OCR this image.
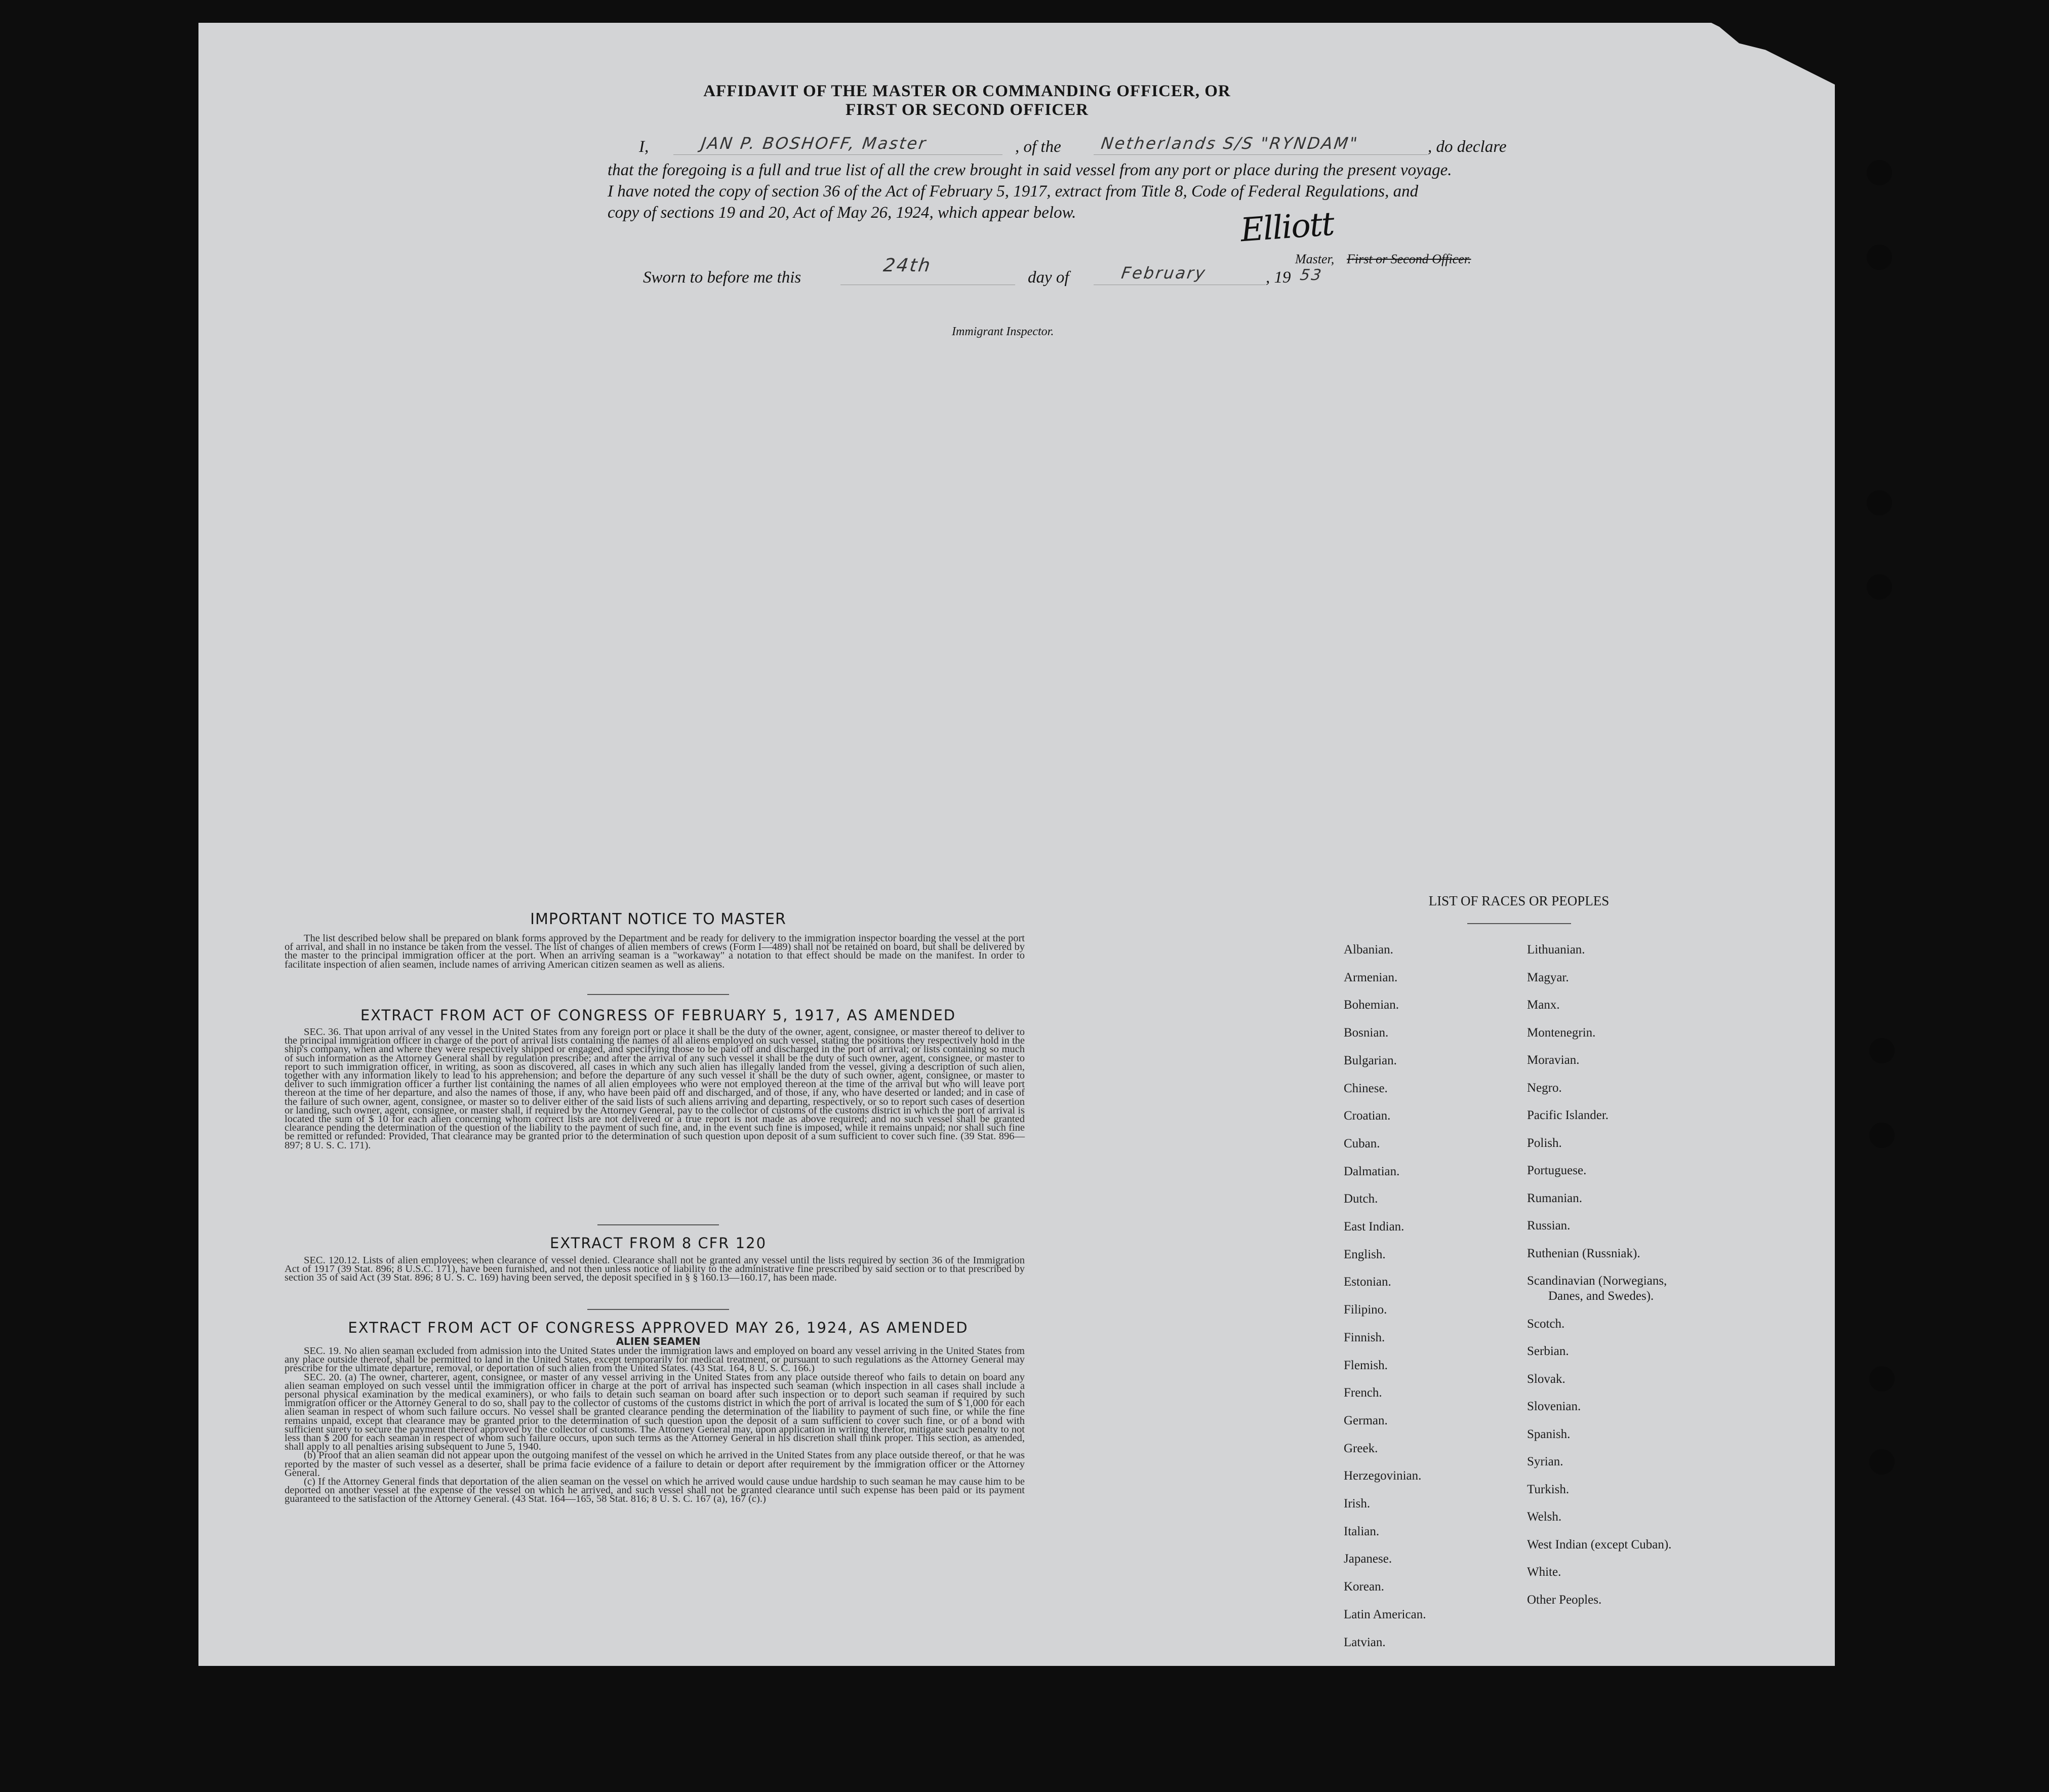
AFFIDAVIT OF THE MASTER OR COMMANDING OFFICER, OR FIRST OR SECOND OFFICER
I,	JAN P. BOSHOFF, Master	, of the Netherlands S/S "RYNDAM"	, do declare
that the foregoing is a full and true list of all the crew brought in said vessel from any port or place during the present voyage.
I have noted the copy of section 36 of the Act of February 5, 1917, extract from Title 8, Code of Federal Regulations, and
copy of sections 19 and 20, Act of May 26, 1924, which appear below.	Elliott
Sworn to before me this
24th
day of	February	, 19 53
Master, First or Second Officer.
Immigrant Inspector.
IMPORTANT NOTICE TO MASTER

The list described below shall be prepared on blank forms approved by the Department and be ready for delivery to the immigration inspector boarding the vessel at the port of arrival, and shall in no instance be taken from the vessel. The list of changes of alien members of crews (Form I—489) shall not be retained on board, but shall be delivered by the master to the principal immigration officer at the port. When an arriving seaman is a "workaway" a notation to that effect should be made on the manifest. In order to facilitate inspection of alien seamen, include names of arriving American citizen seamen as well as aliens.

EXTRACT FROM ACT OF CONGRESS OF FEBRUARY 5, 1917, AS AMENDED

SEC. 36. That upon arrival of any vessel in the United States from any foreign port or place it shall be the duty of the owner, agent, consignee, or master thereof to deliver to the principal immigration officer in charge of the port of arrival lists containing the names of all aliens employed on such vessel, stating the positions they respectively hold in the ship's company, when and where they were respectively shipped or engaged, and specifying those to be paid off and discharged in the port of arrival; or lists containing so much of such information as the Attorney General shall by regulation prescribe; and after the arrival of any such vessel it shall be the duty of such owner, agent, consignee, or master to report to such immigration officer, in writing, as soon as discovered, all cases in which any such alien has illegally landed from the vessel, giving a description of such alien, together with any information likely to lead to his apprehension; and before the departure of any such vessel it shall be the duty of such owner, agent, consignee, or master to deliver to such immigration officer a further list containing the names of all alien employees who were not employed thereon at the time of the arrival but who will leave port thereon at the time of her departure, and also the names of those, if any, who have been paid off and discharged, and of those, if any, who have deserted or landed; and in case of the failure of such owner, agent, consignee, or master so to deliver either of the said lists of such aliens arriving and departing, respectively, or so to report such cases of desertion or landing, such owner, agent, consignee, or master shall, if required by the Attorney General, pay to the collector of customs of the customs district in which the port of arrival is located the sum of $ 10 for each alien concerning whom correct lists are not delivered or a true report is not made as above required; and no such vessel shall be granted clearance pending the determination of the question of the liability to the payment of such fine, and, in the event such fine is imposed, while it remains unpaid; nor shall such fine be remitted or refunded: Provided, That clearance may be granted prior to the determination of such question upon deposit of a sum sufficient to cover such fine. (39 Stat. 896—897; 8 U. S. C. 171).

EXTRACT FROM 8 CFR 120

SEC. 120.12. Lists of alien employees; when clearance of vessel denied. Clearance shall not be granted any vessel until the lists required by section 36 of the Immigration Act of 1917 (39 Stat. 896; 8 U.S.C. 171), have been furnished, and not then unless notice of liability to the administrative fine prescribed by said section or to that prescribed by section 35 of said Act (39 Stat. 896; 8 U. S. C. 169) having been served, the deposit specified in § § 160.13—160.17, has been made.

EXTRACT FROM ACT OF CONGRESS APPROVED MAY 26, 1924, AS AMENDED
ALIEN SEAMEN

SEC. 19. No alien seaman excluded from admission into the United States under the immigration laws and employed on board any vessel arriving in the United States from any place outside thereof, shall be permitted to land in the United States, except temporarily for medical treatment, or pursuant to such regulations as the Attorney General may prescribe for the ultimate departure, removal, or deportation of such alien from the United States. (43 Stat. 164, 8 U. S. C. 166.)

SEC. 20. (a) The owner, charterer, agent, consignee, or master of any vessel arriving in the United States from any place outside thereof who fails to detain on board any alien seaman employed on such vessel until the immigration officer in charge at the port of arrival has inspected such seaman (which inspection in all cases shall include a personal physical examination by the medical examiners), or who fails to detain such seaman on board after such inspection or to deport such seaman if required by such immigration officer or the Attorney General to do so, shall pay to the collector of customs of the customs district in which the port of arrival is located the sum of $ 1,000 for each alien seaman in respect of whom such failure occurs. No vessel shall be granted clearance pending the determination of the liability to payment of such fine, or while the fine remains unpaid, except that clearance may be granted prior to the determination of such question upon the deposit of a sum sufficient to cover such fine, or of a bond with sufficient surety to secure the payment thereof approved by the collector of customs. The Attorney General may, upon application in writing therefor, mitigate such penalty to not less than $ 200 for each seaman in respect of whom such failure occurs, upon such terms as the Attorney General in his discretion shall think proper. This section, as amended, shall apply to all penalties arising subsequent to June 5, 1940.

(b) Proof that an alien seaman did not appear upon the outgoing manifest of the vessel on which he arrived in the United States from any place outside thereof, or that he was reported by the master of such vessel as a deserter, shall be prima facie evidence of a failure to detain or deport after requirement by the immigration officer or the Attorney General.

(c) If the Attorney General finds that deportation of the alien seaman on the vessel on which he arrived would cause undue hardship to such seaman he may cause him to be deported on another vessel at the expense of the vessel on which he arrived, and such vessel shall not be granted clearance until such expense has been paid or its payment guaranteed to the satisfaction of the Attorney General. (43 Stat. 164—165, 58 Stat. 816; 8 U. S. C. 167 (a), 167 (c).)

LIST OF RACES OR PEOPLES
Albanian.
Armenian.
Bohemian.
Bosnian.
Bulgarian.
Chinese.
Croatian.
Cuban.
Dalmatian.
Dutch.
East Indian.
English.
Estonian.
Filipino.
Finnish.
Flemish.
French.
German.
Greek.
Herzegovinian.
Irish.
Italian.
Japanese.
Korean.
Latin American.
Latvian.
Lithuanian.
Magyar.
Manx.
Montenegrin.
Moravian.
Negro.
Pacific Islander.
Polish.
Portuguese.
Rumanian.
Russian.
Ruthenian (Russniak).
Scandinavian (Norwegians,
Danes, and Swedes).
Scotch.
Serbian.
Slovak.
Slovenian.
Spanish.
Syrian.
Turkish.
Welsh.
West Indian (except Cuban).
White.
Other Peoples.
